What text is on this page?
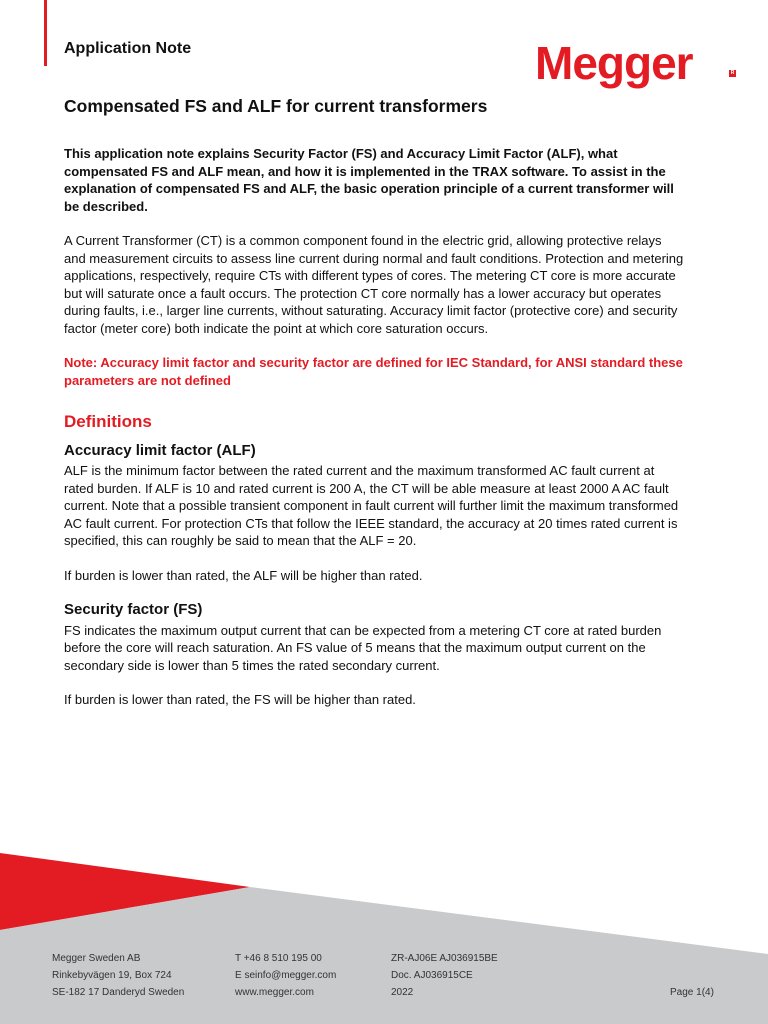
Application Note	Megger	R
Compensated FS and ALF for current transformers

This application note explains Security Factor (FS) and Accuracy Limit Factor (ALF), what compensated FS and ALF mean, and how it is implemented in the TRAX software. To assist in the explanation of compensated FS and ALF, the basic operation principle of a current transformer will be described.

A Current Transformer (CT) is a common component found in the electric grid, allowing protective relays and measurement circuits to assess line current during normal and fault conditions. Protection and metering applications, respectively, require CTs with different types of cores. The metering CT core is more accurate but will saturate once a fault occurs. The protection CT core normally has a lower accuracy but operates during faults, i.e., larger line currents, without saturating. Accuracy limit factor (protective core) and security factor (meter core) both indicate the point at which core saturation occurs.

Note: Accuracy limit factor and security factor are defined for IEC Standard, for ANSI standard these parameters are not defined

Definitions
Accuracy limit factor (ALF)

ALF is the minimum factor between the rated current and the maximum transformed AC fault current at rated burden. If ALF is 10 and rated current is 200 A, the CT will be able measure at least 2000 A AC fault current. Note that a possible transient component in fault current will further limit the maximum transformed AC fault current. For protection CTs that follow the IEEE standard, the accuracy at 20 times rated current is specified, this can roughly be said to mean that the ALF = 20.

If burden is lower than rated, the ALF will be higher than rated.

Security factor (FS)

FS indicates the maximum output current that can be expected from a metering CT core at rated burden before the core will reach saturation. An FS value of 5 means that the maximum output current on the secondary side is lower than 5 times the rated secondary current.

If burden is lower than rated, the FS will be higher than rated.

Megger Sweden AB
Rinkebyvägen 19, Box 724
SE-182 17 Danderyd Sweden
T +46 8 510 195 00
E seinfo@megger.com
www.megger.com
ZR-AJ06E AJ036915BE
Doc. AJ036915CE
2022	Page 1(4)
